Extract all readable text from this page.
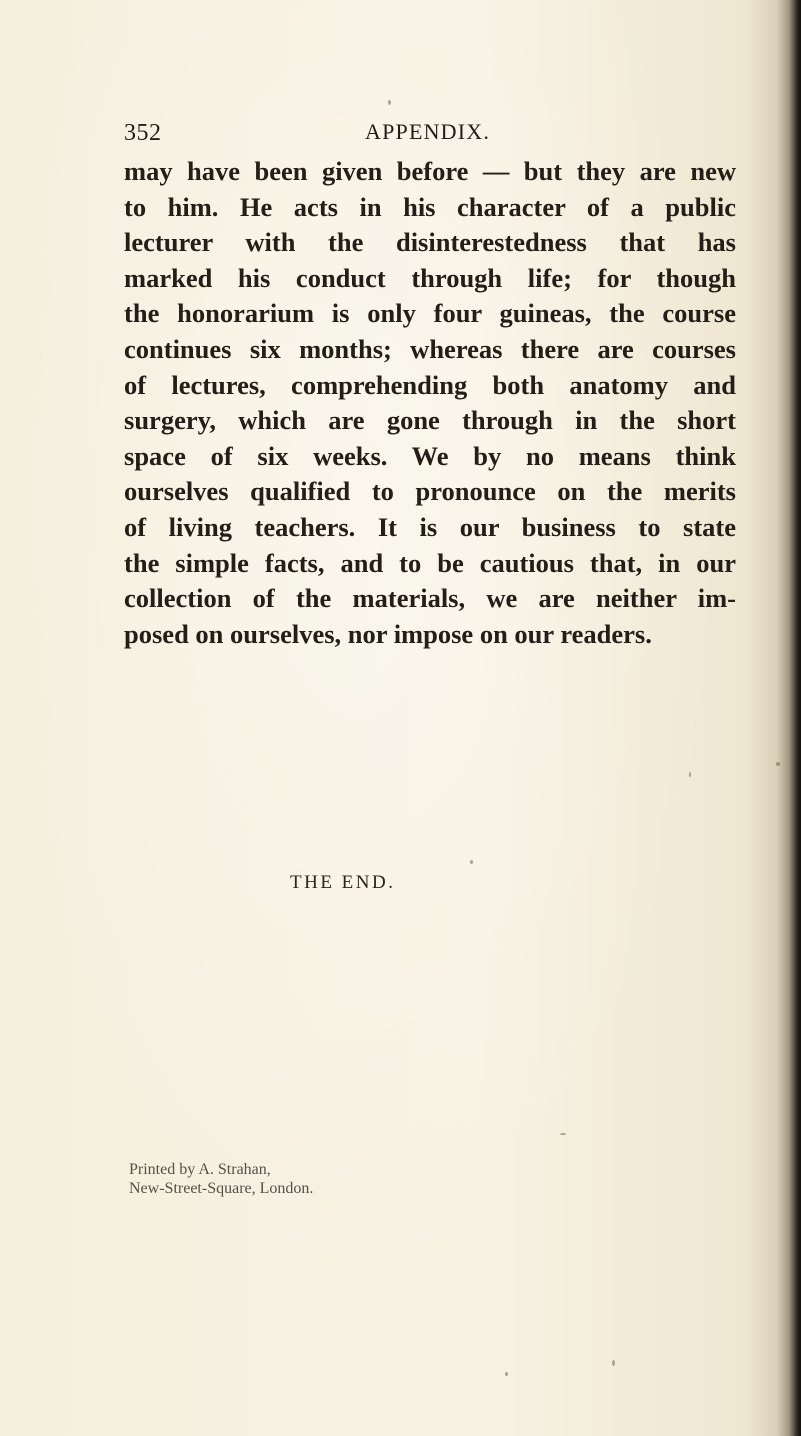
352	APPENDIX.
may have been given before — but they are new
to him. He acts in his character of a public
lecturer with the disinterestedness that has
marked his conduct through life; for though
the honorarium is only four guineas, the course
continues six months; whereas there are courses
of lectures, comprehending both anatomy and
surgery, which are gone through in the short
space of six weeks. We by no means think
ourselves qualified to pronounce on the merits
of living teachers. It is our business to state
the simple facts, and to be cautious that, in our
collection of the materials, we are neither im-
posed on ourselves, nor impose on our readers.
THE END.
Printed by A. Strahan,
New-Street-Square, London.
